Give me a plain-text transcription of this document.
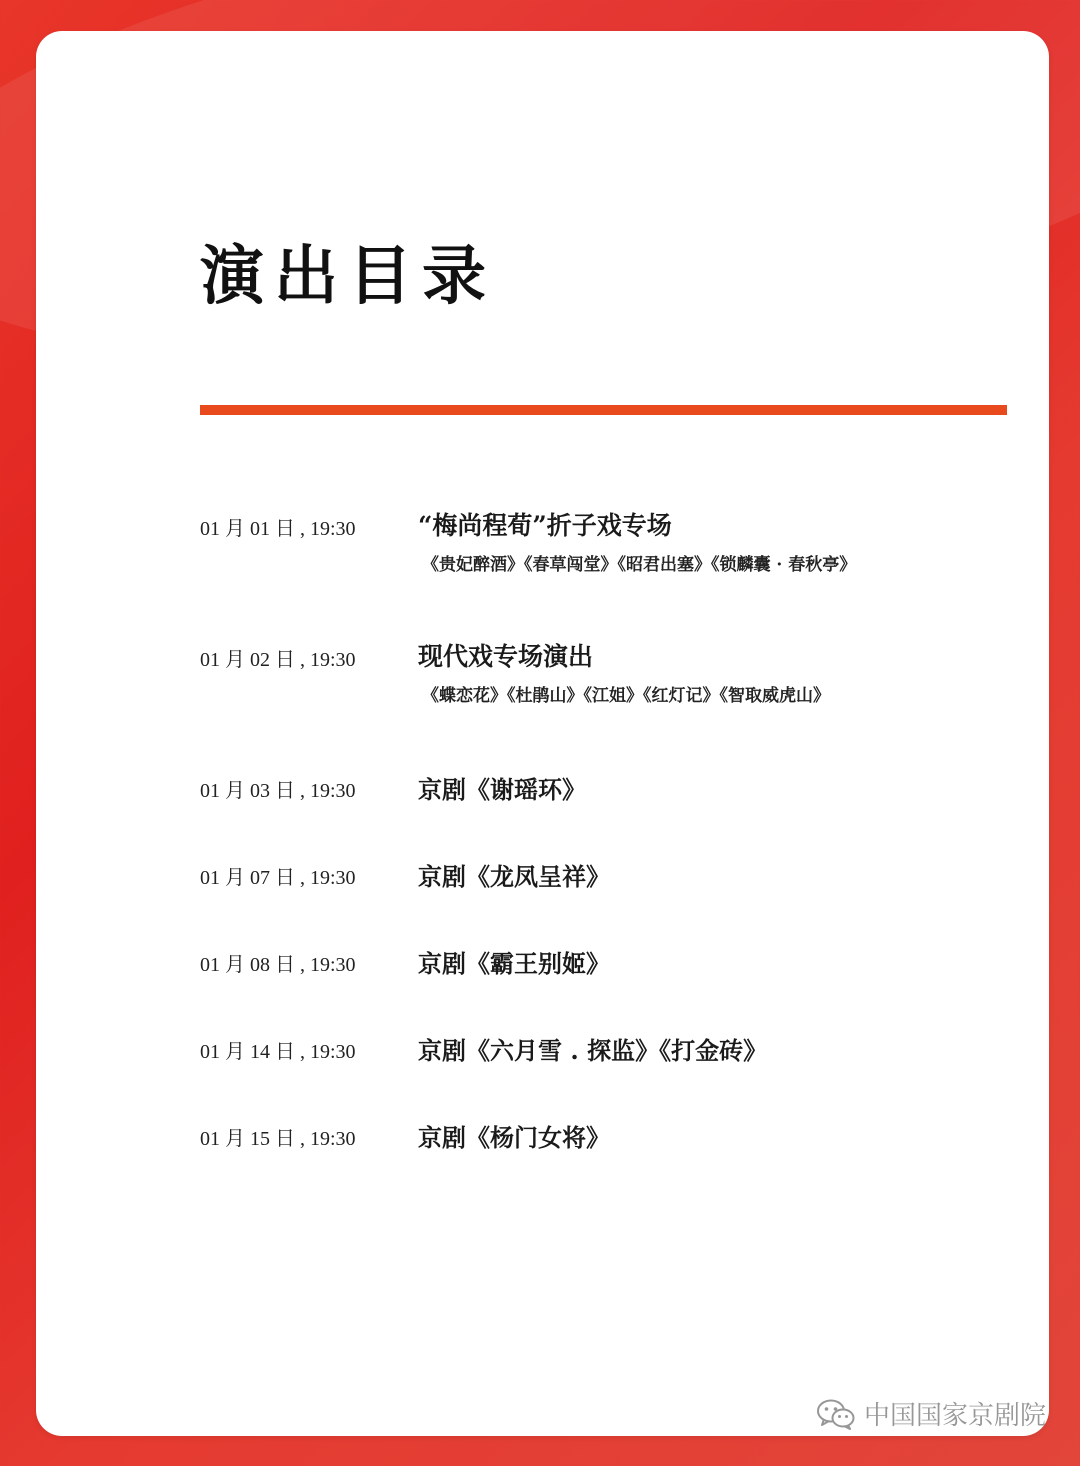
演出目录
01 月 01 日 , 19:30 “梅尚程荀”折子戏专场
《贵妃醉酒》《春草闯堂》《昭君出塞》《锁麟囊 · 春秋亭》
01 月 02 日 , 19:30 现代戏专场演出
《蝶恋花》《杜鹃山》《江姐》《红灯记》《智取威虎山》
01 月 03 日 , 19:30	京剧《谢瑶环》
01 月 07 日 , 19:30	京剧《龙凤呈祥》
01 月 08 日 , 19:30	京剧《霸王别姬》
01 月 14 日 , 19:30	京剧《六月雪 . 探监》《打金砖》
01 月 15 日 , 19:30	京剧《杨门女将》
中国国家京剧院
